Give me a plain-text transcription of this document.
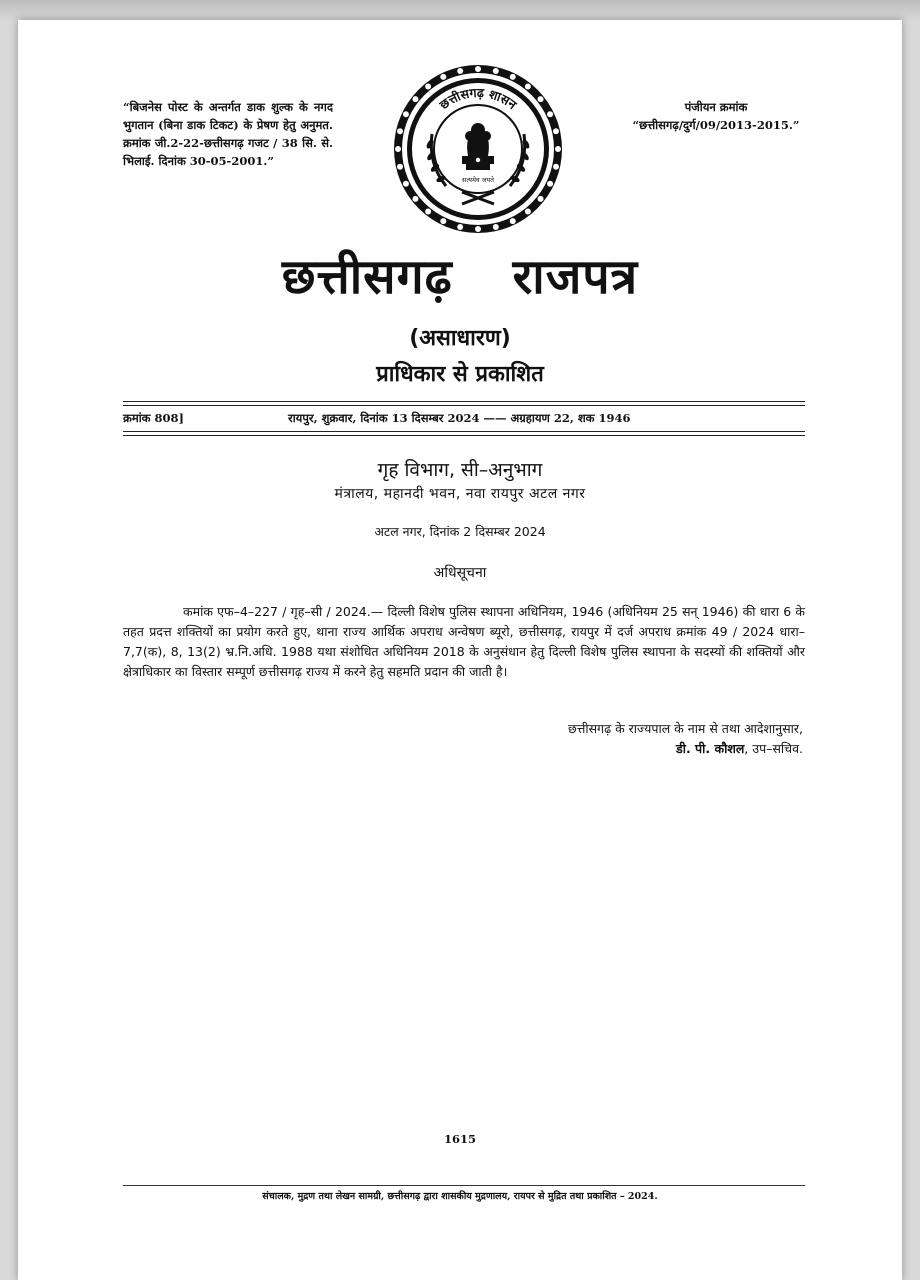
“बिजनेस पोस्ट के अन्तर्गत डाक शुल्क के नगद भुगतान (बिना डाक टिकट) के प्रेषण हेतु अनुमत. क्रमांक जी.2-22-छत्तीसगढ़ गजट / 38 सि. से. भिलाई. दिनांक 30-05-2001.”
पंजीयन क्रमांक
“छत्तीसगढ़/दुर्ग/09/2013-2015.”
छत्तीसगढ़ शासन
सत्यमेव जयते
छत्तीसगढ़ राजपत्र
(असाधारण)
प्राधिकार से प्रकाशित
क्रमांक 808]	रायपुर, शुक्रवार, दिनांक 13 दिसम्बर 2024 —— अग्रहायण 22, शक 1946
गृह विभाग, सी–अनुभाग
मंत्रालय, महानदी भवन, नवा रायपुर अटल नगर
अटल नगर, दिनांक 2 दिसम्बर 2024
अधिसूचना
कमांक एफ–4–227 / गृह–सी / 2024.— दिल्ली विशेष पुलिस स्थापना अधिनियम, 1946 (अधिनियम 25 सन् 1946) की धारा 6 के तहत प्रदत्त शक्तियों का प्रयोग करते हुए, थाना राज्य आर्थिक अपराध अन्वेषण ब्यूरो, छत्तीसगढ़, रायपुर में दर्ज अपराध क्रमांक 49 / 2024 धारा–7,7(क), 8, 13(2) भ्र.नि.अधि. 1988 यथा संशोधित अधिनियम 2018 के अनुसंधान हेतु दिल्ली विशेष पुलिस स्थापना के सदस्यों की शक्तियों और क्षेत्राधिकार का विस्तार सम्पूर्ण छत्तीसगढ़ राज्य में करने हेतु सहमति प्रदान की जाती है।
छत्तीसगढ़ के राज्यपाल के नाम से तथा आदेशानुसार,
डी. पी. कौशल, उप–सचिव.
1615
संचालक, मुद्रण तथा लेखन सामग्री, छत्तीसगढ़ द्वारा शासकीय मुद्रणालय, रायपर से मुद्रित तथा प्रकाशित – 2024.
